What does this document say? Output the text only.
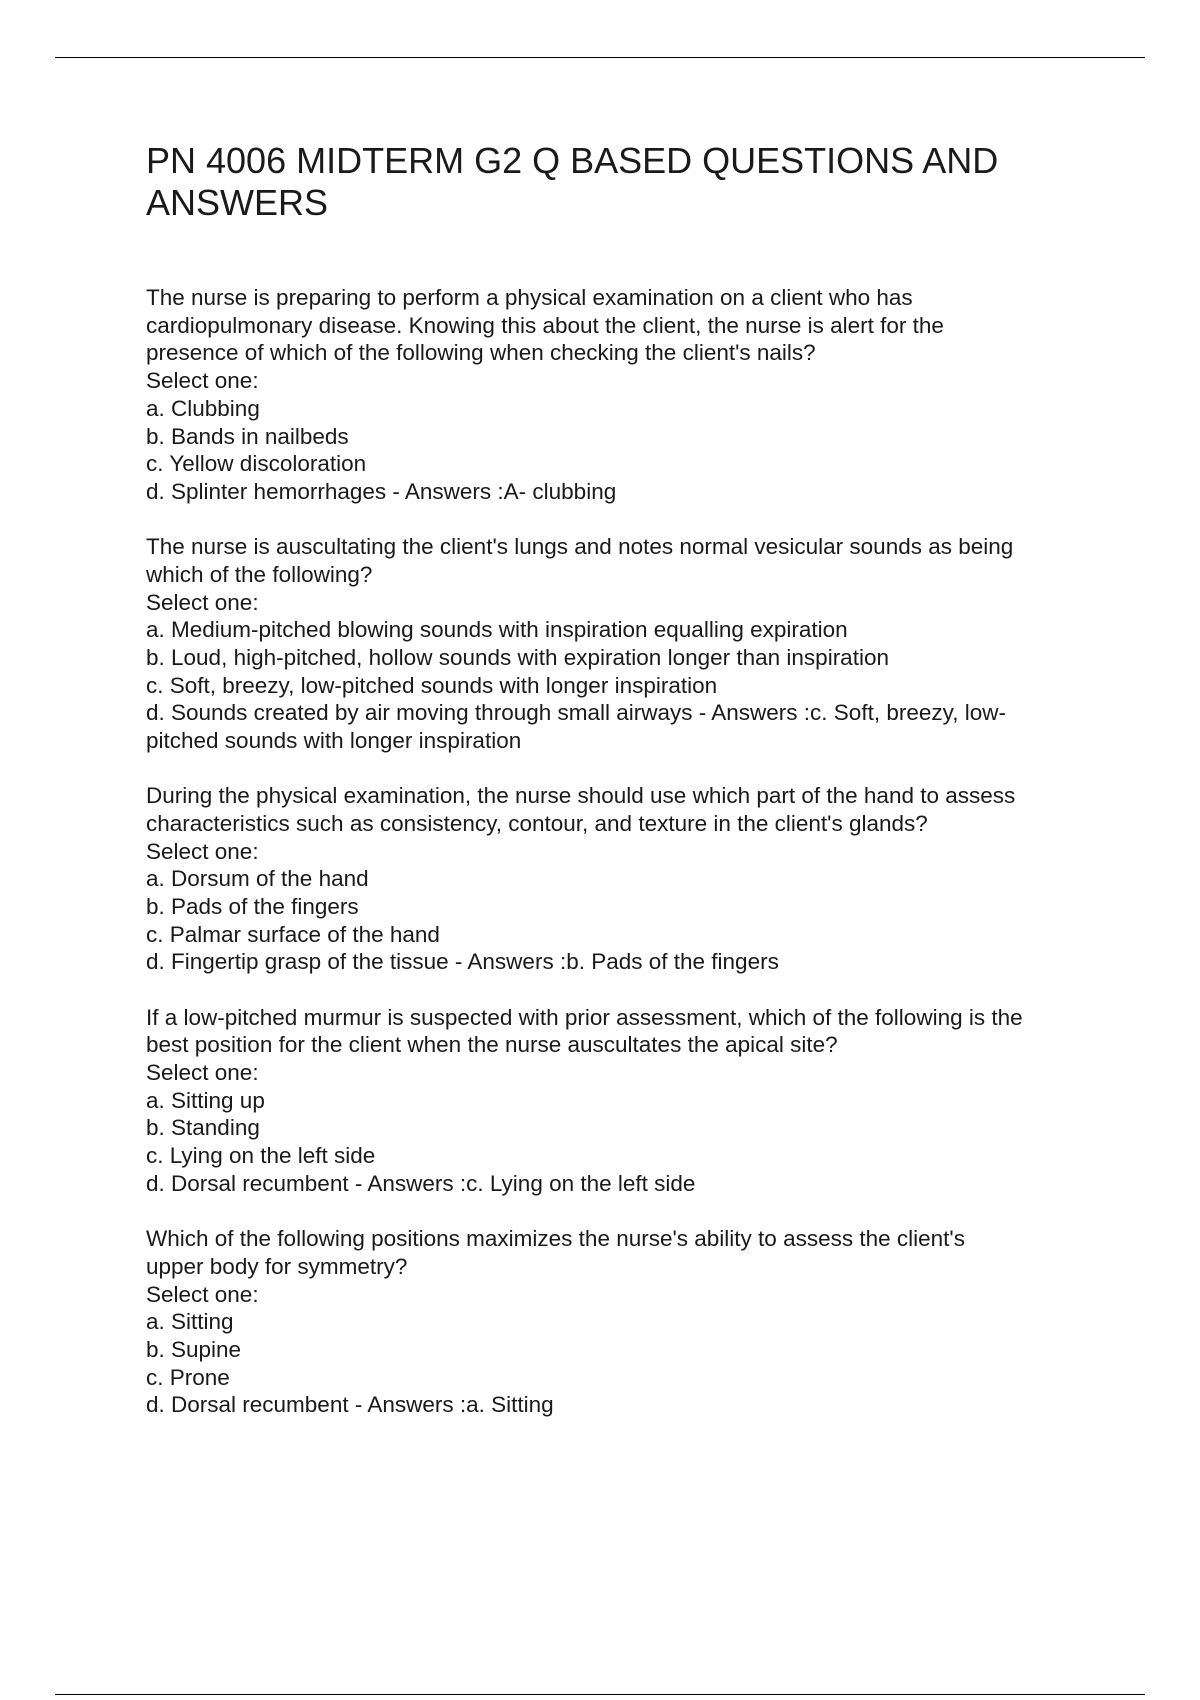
PN 4006 MIDTERM G2 Q BASED QUESTIONS AND
ANSWERS
The nurse is preparing to perform a physical examination on a client who has
cardiopulmonary disease. Knowing this about the client, the nurse is alert for the
presence of which of the following when checking the client's nails?
Select one:
a. Clubbing
b. Bands in nailbeds
c. Yellow discoloration
d. Splinter hemorrhages - Answers :A- clubbing
The nurse is auscultating the client's lungs and notes normal vesicular sounds as being
which of the following?
Select one:
a. Medium-pitched blowing sounds with inspiration equalling expiration
b. Loud, high-pitched, hollow sounds with expiration longer than inspiration
c. Soft, breezy, low-pitched sounds with longer inspiration
d. Sounds created by air moving through small airways - Answers :c. Soft, breezy, low-
pitched sounds with longer inspiration
During the physical examination, the nurse should use which part of the hand to assess
characteristics such as consistency, contour, and texture in the client's glands?
Select one:
a. Dorsum of the hand
b. Pads of the fingers
c. Palmar surface of the hand
d. Fingertip grasp of the tissue - Answers :b. Pads of the fingers
If a low-pitched murmur is suspected with prior assessment, which of the following is the
best position for the client when the nurse auscultates the apical site?
Select one:
a. Sitting up
b. Standing
c. Lying on the left side
d. Dorsal recumbent - Answers :c. Lying on the left side
Which of the following positions maximizes the nurse's ability to assess the client's
upper body for symmetry?
Select one:
a. Sitting
b. Supine
c. Prone
d. Dorsal recumbent - Answers :a. Sitting
